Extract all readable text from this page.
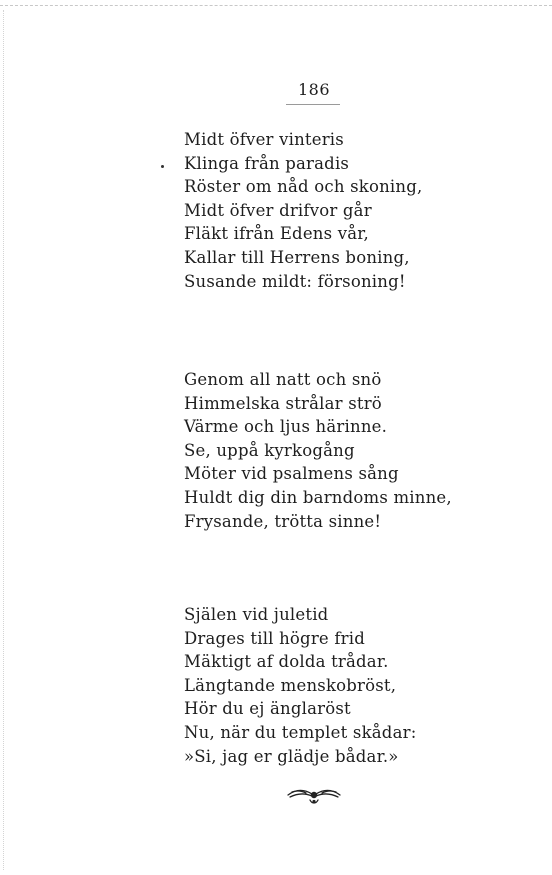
186
Midt öfver vinteris
Klinga från paradis
Röster om nåd och skoning,
Midt öfver drifvor går
Fläkt ifrån Edens vår,
Kallar till Herrens boning,
Susande mildt: försoning!
Genom all natt och snö
Himmelska strålar strö
Värme och ljus härinne.
Se, uppå kyrkogång
Möter vid psalmens sång
Huldt dig din barndoms minne,
Frysande, trötta sinne!
Själen vid juletid
Drages till högre frid
Mäktigt af dolda trådar.
Längtande menskobröst,
Hör du ej änglaröst
Nu, när du templet skådar:
»Si, jag er glädje bådar.»
